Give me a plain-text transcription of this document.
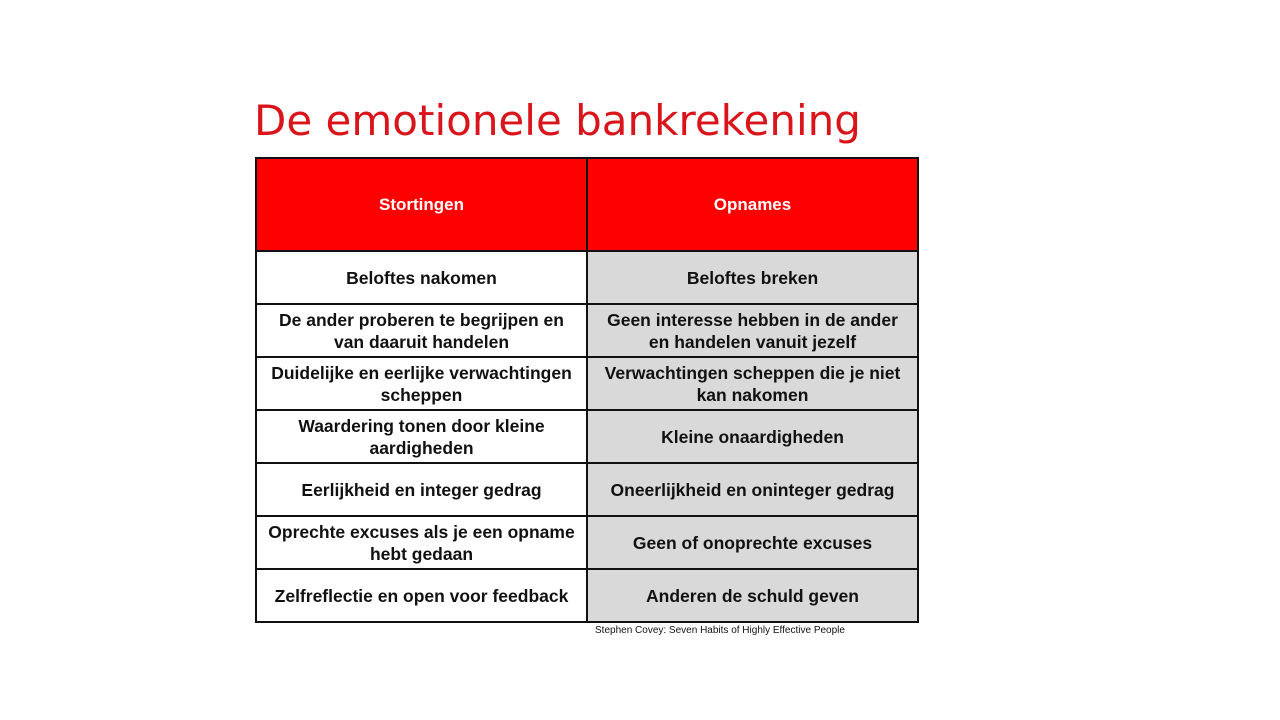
De emotionele bankrekening
Stortingen	Opnames
Beloftes nakomen	Beloftes breken
De ander proberen te begrijpen en van daaruit handelen	Geen interesse hebben in de ander en handelen vanuit jezelf
Duidelijke en eerlijke verwachtingen scheppen	Verwachtingen scheppen die je niet kan nakomen
Waardering tonen door kleine aardigheden	Kleine onaardigheden
Eerlijkheid en integer gedrag	Oneerlijkheid en oninteger gedrag
Oprechte excuses als je een opname hebt gedaan	Geen of onoprechte excuses
Zelfreflectie en open voor feedback	Anderen de schuld geven
Stephen Covey: Seven Habits of Highly Effective People
